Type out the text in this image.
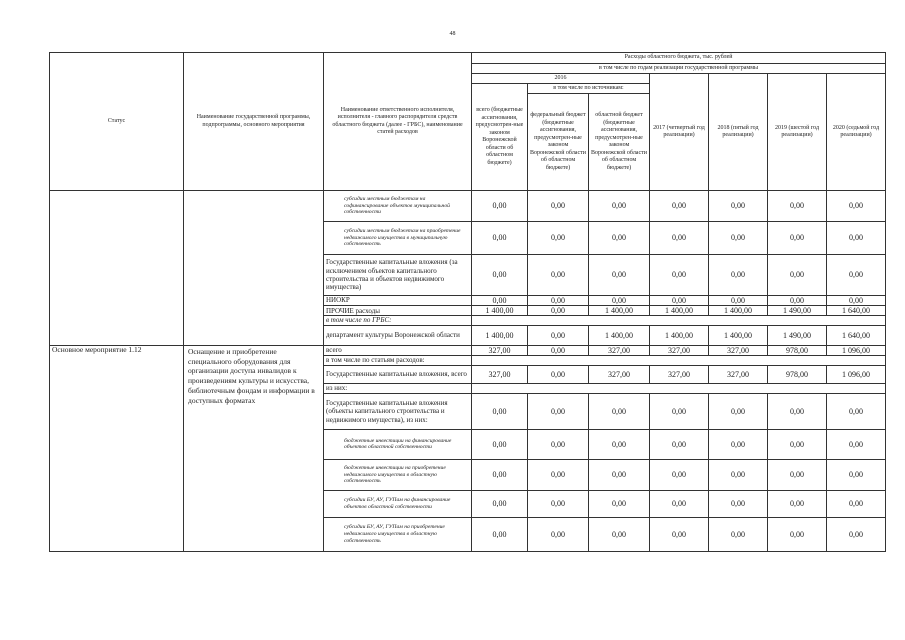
48
Статус	Наименование государственной программы, подпрограммы, основного мероприятия	Наименование ответственного исполнителя, исполнителя - главного распорядителя средств областного бюджета (далее - ГРБС), наименование статей расходов	Расходы областного бюджета, тыс. рублей						
			в том числе по годам реализации государственной программы						
			2016			2017 (четвертый год реализации)	2018 (пятый год реализации)	2019 (шестой год реализации)	2020 (седьмой год реализации)
			всего (бюджетные ассигнования, предусмотрен-ные законом Воронежской области об областном бюджете)	в том числе по источникам:					
				федеральный бюджет (бюджетные ассигнования, предусмотрен-ные законом Воронежской области об областном бюджете)	областной бюджет (бюджетные ассигнования, предусмотрен-ные законом Воронежской области об областном бюджете)				
		субсидии местным бюджетам на софинансирование объектов муниципальной собственности	0,00	0,00	0,00	0,00	0,00	0,00	0,00
		субсидии местным бюджетам на приобретение недвижимого имущества в муниципальную собственность	0,00	0,00	0,00	0,00	0,00	0,00	0,00
		Государственные капитальные вложения (за исключением объектов капитального строительства и объектов недвижимого имущества)	0,00	0,00	0,00	0,00	0,00	0,00	0,00
		НИОКР	0,00	0,00	0,00	0,00	0,00	0,00	0,00
		ПРОЧИЕ расходы	1 400,00	0,00	1 400,00	1 400,00	1 400,00	1 490,00	1 640,00
		в том числе по ГРБС:							
		департамент культуры Воронежской области	1 400,00	0,00	1 400,00	1 400,00	1 400,00	1 490,00	1 640,00
Основное мероприятие 1.12	Оснащение и приобретение специального оборудования для организации доступа инвалидов к произведениям культуры и искусства, библиотечным фондам и информации в доступных форматах	всего	327,00	0,00	327,00	327,00	327,00	978,00	1 096,00
		в том числе по статьям расходов:							
		Государственные капитальные вложения, всего	327,00	0,00	327,00	327,00	327,00	978,00	1 096,00
		из них:							
		Государственные капитальные вложения (объекты капитального строительства и недвижимого имущества), из них:	0,00	0,00	0,00	0,00	0,00	0,00	0,00
		бюджетные инвестиции на финансирование объектов областной собственности	0,00	0,00	0,00	0,00	0,00	0,00	0,00
		бюджетные инвестиции на приобретение недвижимого имущества в областную собственность	0,00	0,00	0,00	0,00	0,00	0,00	0,00
		субсидии БУ, АУ, ГУПам на финансирование объектов областной собственности	0,00	0,00	0,00	0,00	0,00	0,00	0,00
		субсидии БУ, АУ, ГУПам на приобретение недвижимого имущества в областную собственность	0,00	0,00	0,00	0,00	0,00	0,00	0,00
